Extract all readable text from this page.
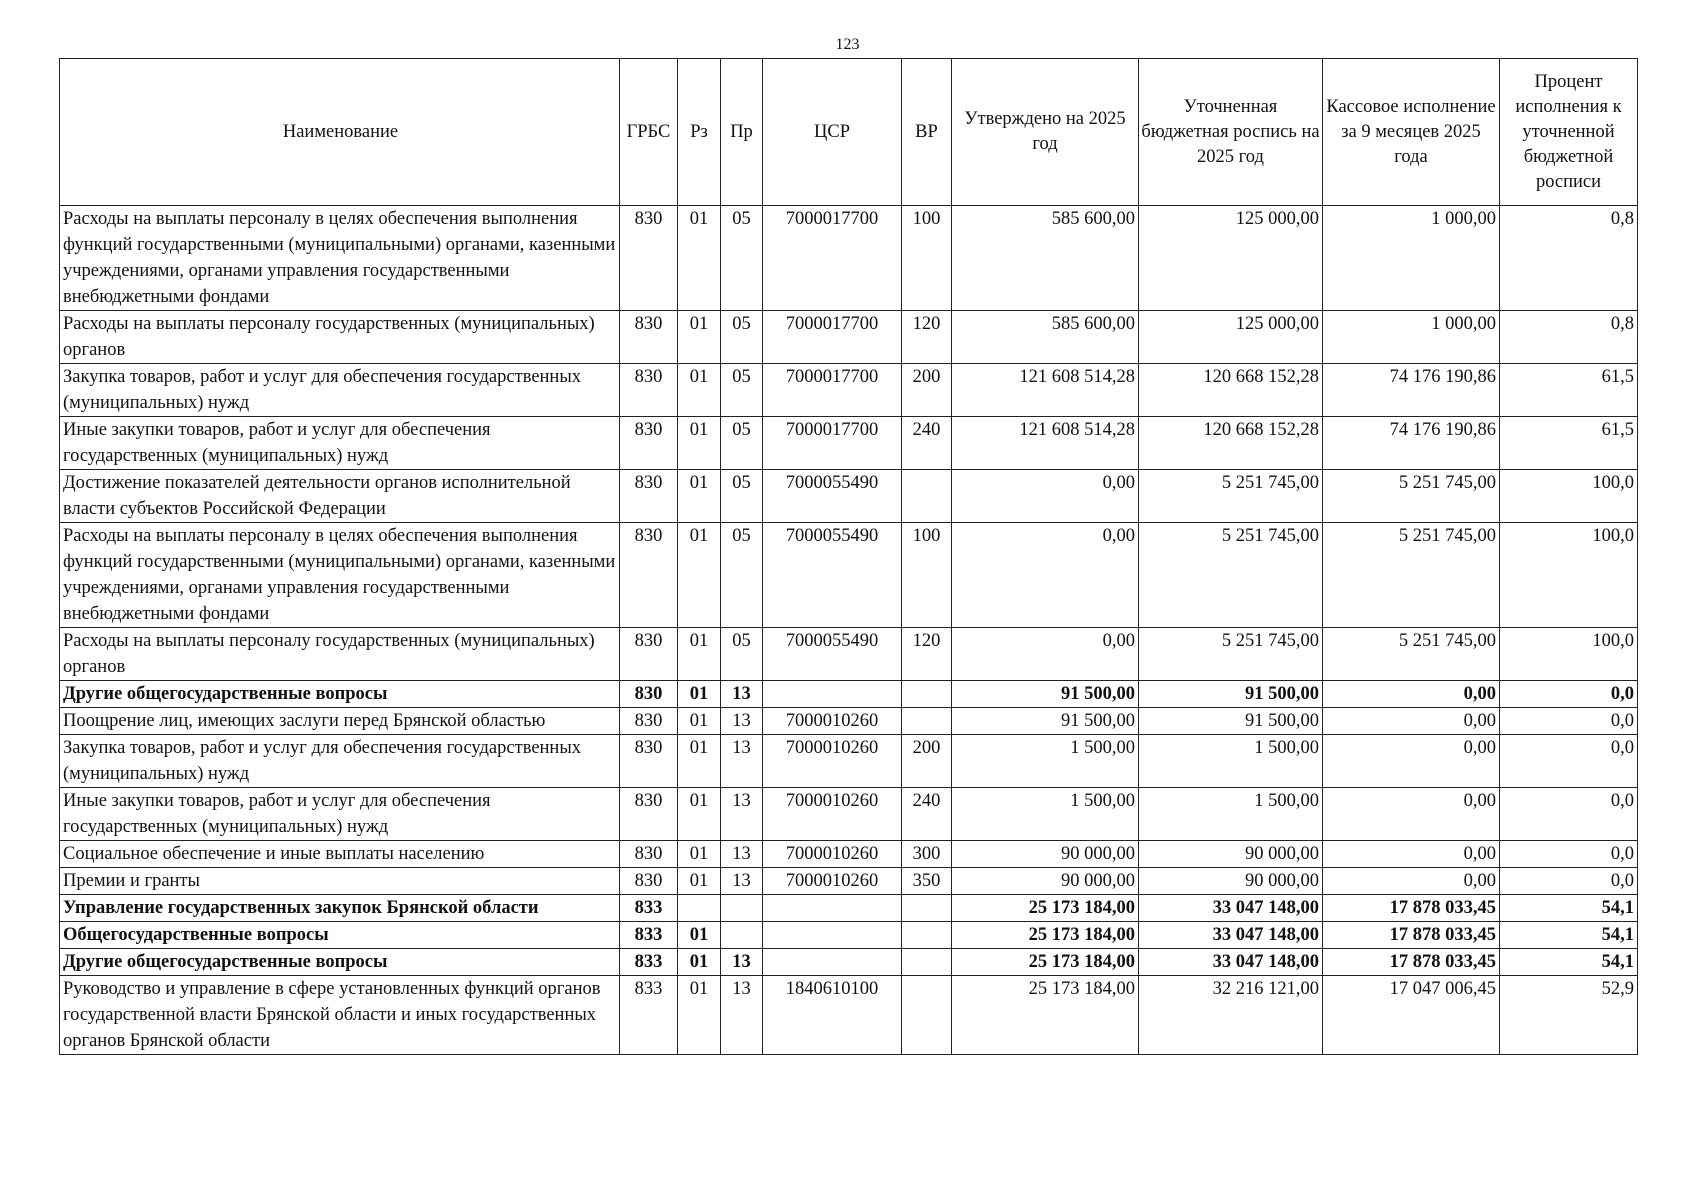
123
Наименование	ГРБС	Рз	Пр	ЦСР	ВР	Утверждено на 2025 год	Уточненная бюджетная роспись на 2025 год	Кассовое исполнение за 9 месяцев 2025 года	Процент исполнения к уточненной бюджетной росписи
Расходы на выплаты персоналу в целях обеспечения выполнения функций государственными (муниципальными) органами, казенными учреждениями, органами управления государственными внебюджетными фондами	830	01	05	7000017700	100	585 600,00	125 000,00	1 000,00	0,8
Расходы на выплаты персоналу государственных (муниципальных) органов	830	01	05	7000017700	120	585 600,00	125 000,00	1 000,00	0,8
Закупка товаров, работ и услуг для обеспечения государственных (муниципальных) нужд	830	01	05	7000017700	200	121 608 514,28	120 668 152,28	74 176 190,86	61,5
Иные закупки товаров, работ и услуг для обеспечения государственных (муниципальных) нужд	830	01	05	7000017700	240	121 608 514,28	120 668 152,28	74 176 190,86	61,5
Достижение показателей деятельности органов исполнительной власти субъектов Российской Федерации	830	01	05	7000055490		0,00	5 251 745,00	5 251 745,00	100,0
Расходы на выплаты персоналу в целях обеспечения выполнения функций государственными (муниципальными) органами, казенными учреждениями, органами управления государственными внебюджетными фондами	830	01	05	7000055490	100	0,00	5 251 745,00	5 251 745,00	100,0
Расходы на выплаты персоналу государственных (муниципальных) органов	830	01	05	7000055490	120	0,00	5 251 745,00	5 251 745,00	100,0
Другие общегосударственные вопросы	830	01	13			91 500,00	91 500,00	0,00	0,0
Поощрение лиц, имеющих заслуги перед Брянской областью	830	01	13	7000010260		91 500,00	91 500,00	0,00	0,0
Закупка товаров, работ и услуг для обеспечения государственных (муниципальных) нужд	830	01	13	7000010260	200	1 500,00	1 500,00	0,00	0,0
Иные закупки товаров, работ и услуг для обеспечения государственных (муниципальных) нужд	830	01	13	7000010260	240	1 500,00	1 500,00	0,00	0,0
Социальное обеспечение и иные выплаты населению	830	01	13	7000010260	300	90 000,00	90 000,00	0,00	0,0
Премии и гранты	830	01	13	7000010260	350	90 000,00	90 000,00	0,00	0,0
Управление государственных закупок Брянской области	833					25 173 184,00	33 047 148,00	17 878 033,45	54,1
Общегосударственные вопросы	833	01				25 173 184,00	33 047 148,00	17 878 033,45	54,1
Другие общегосударственные вопросы	833	01	13			25 173 184,00	33 047 148,00	17 878 033,45	54,1
Руководство и управление в сфере установленных функций органов государственной власти Брянской области и иных государственных органов Брянской области	833	01	13	1840610100		25 173 184,00	32 216 121,00	17 047 006,45	52,9
